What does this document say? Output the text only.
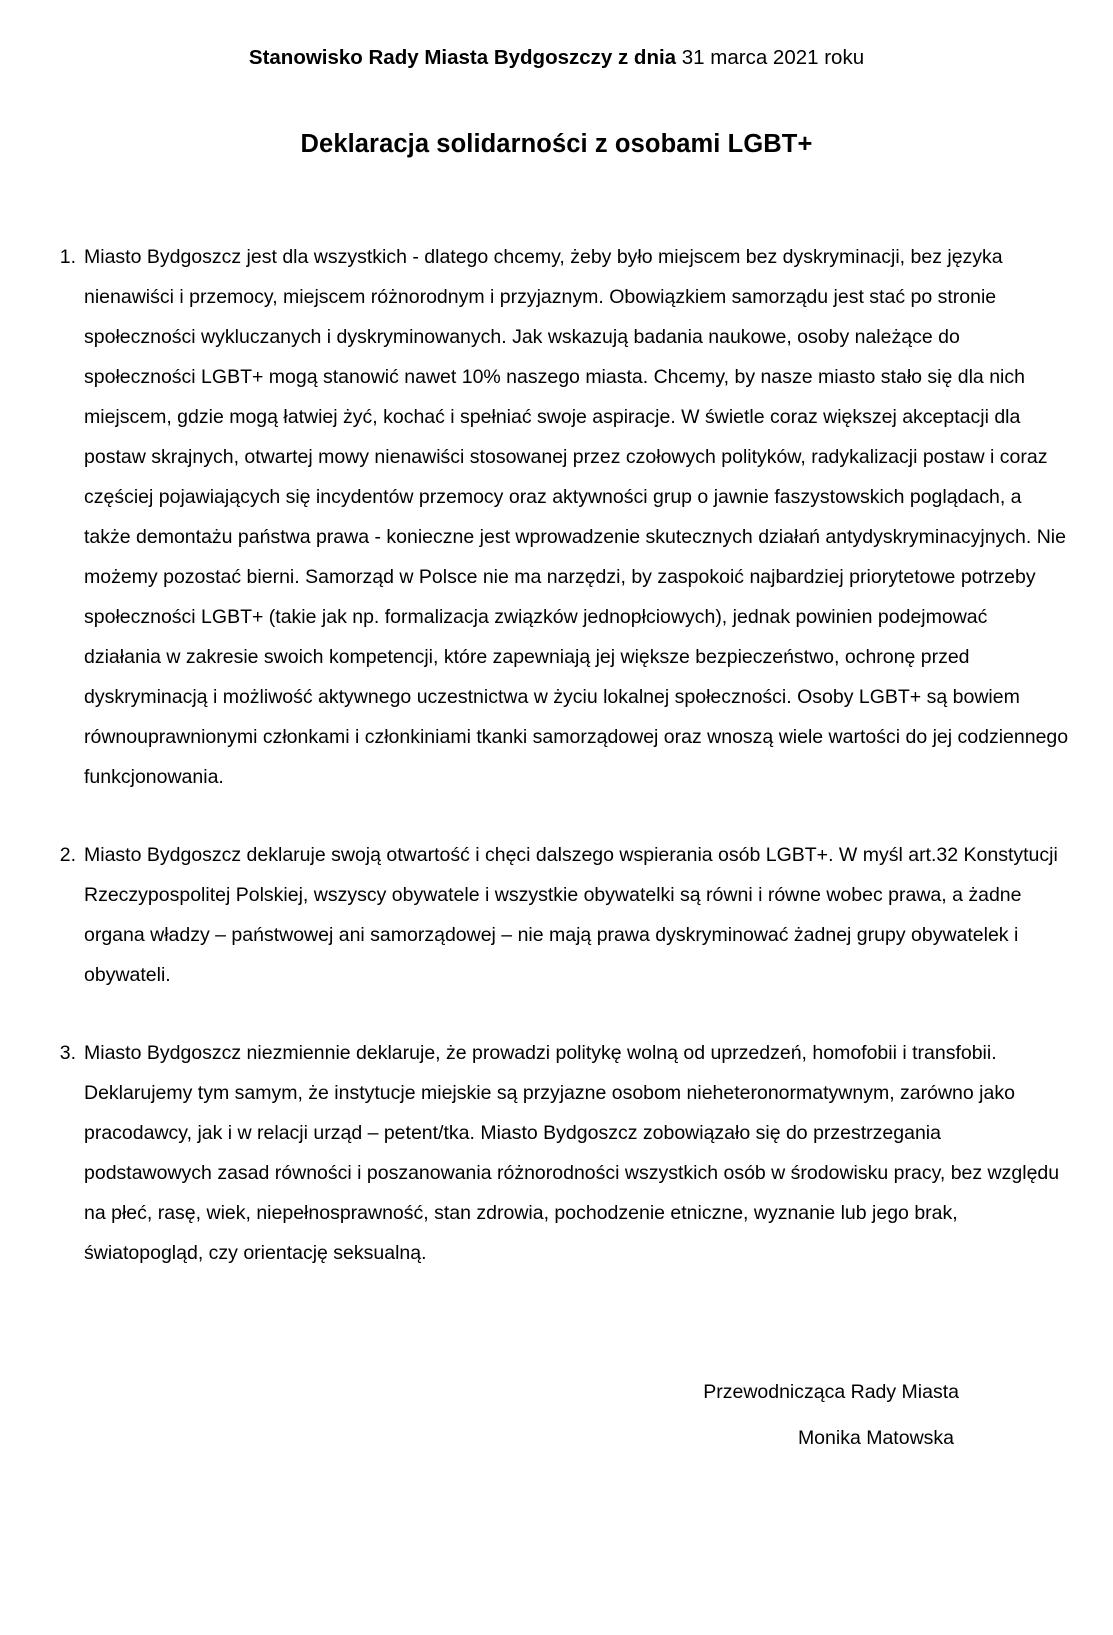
Stanowisko Rady Miasta Bydgoszczy z dnia 31 marca 2021 roku
Deklaracja solidarności z osobami LGBT+
1. Miasto Bydgoszcz jest dla wszystkich - dlatego chcemy, żeby było miejscem bez dyskryminacji, bez języka nienawiści i przemocy, miejscem różnorodnym i przyjaznym. Obowiązkiem samorządu jest stać po stronie społeczności wykluczanych i dyskryminowanych. Jak wskazują badania naukowe, osoby należące do społeczności LGBT+ mogą stanowić nawet 10% naszego miasta. Chcemy, by nasze miasto stało się dla nich miejscem, gdzie mogą łatwiej żyć, kochać i spełniać swoje aspiracje. W świetle coraz większej akceptacji dla postaw skrajnych, otwartej mowy nienawiści stosowanej przez czołowych polityków, radykalizacji postaw i coraz częściej pojawiających się incydentów przemocy oraz aktywności grup o jawnie faszystowskich poglądach, a także demontażu państwa prawa - konieczne jest wprowadzenie skutecznych działań antydyskryminacyjnych. Nie możemy pozostać bierni. Samorząd w Polsce nie ma narzędzi, by zaspokoić najbardziej priorytetowe potrzeby społeczności LGBT+ (takie jak np. formalizacja związków jednopłciowych), jednak powinien podejmować działania w zakresie swoich kompetencji, które zapewniają jej większe bezpieczeństwo, ochronę przed dyskryminacją i możliwość aktywnego uczestnictwa w życiu lokalnej społeczności. Osoby LGBT+ są bowiem równouprawnionymi członkami i członkiniami tkanki samorządowej oraz wnoszą wiele wartości do jej codziennego funkcjonowania.
2. Miasto Bydgoszcz deklaruje swoją otwartość i chęci dalszego wspierania osób LGBT+. W myśl art.32 Konstytucji Rzeczypospolitej Polskiej, wszyscy obywatele i wszystkie obywatelki są równi i równe wobec prawa, a żadne organa władzy – państwowej ani samorządowej – nie mają prawa dyskryminować żadnej grupy obywatelek i obywateli.
3. Miasto Bydgoszcz niezmiennie deklaruje, że prowadzi politykę wolną od uprzedzeń, homofobii i transfobii. Deklarujemy tym samym, że instytucje miejskie są przyjazne osobom nieheteronormatywnym, zarówno jako pracodawcy, jak i w relacji urząd – petent/tka. Miasto Bydgoszcz zobowiązało się do przestrzegania podstawowych zasad równości i poszanowania różnorodności wszystkich osób w środowisku pracy, bez względu na płeć, rasę, wiek, niepełnosprawność, stan zdrowia, pochodzenie etniczne, wyznanie lub jego brak, światopogląd, czy orientację seksualną.
Przewodnicząca Rady Miasta
Monika Matowska
